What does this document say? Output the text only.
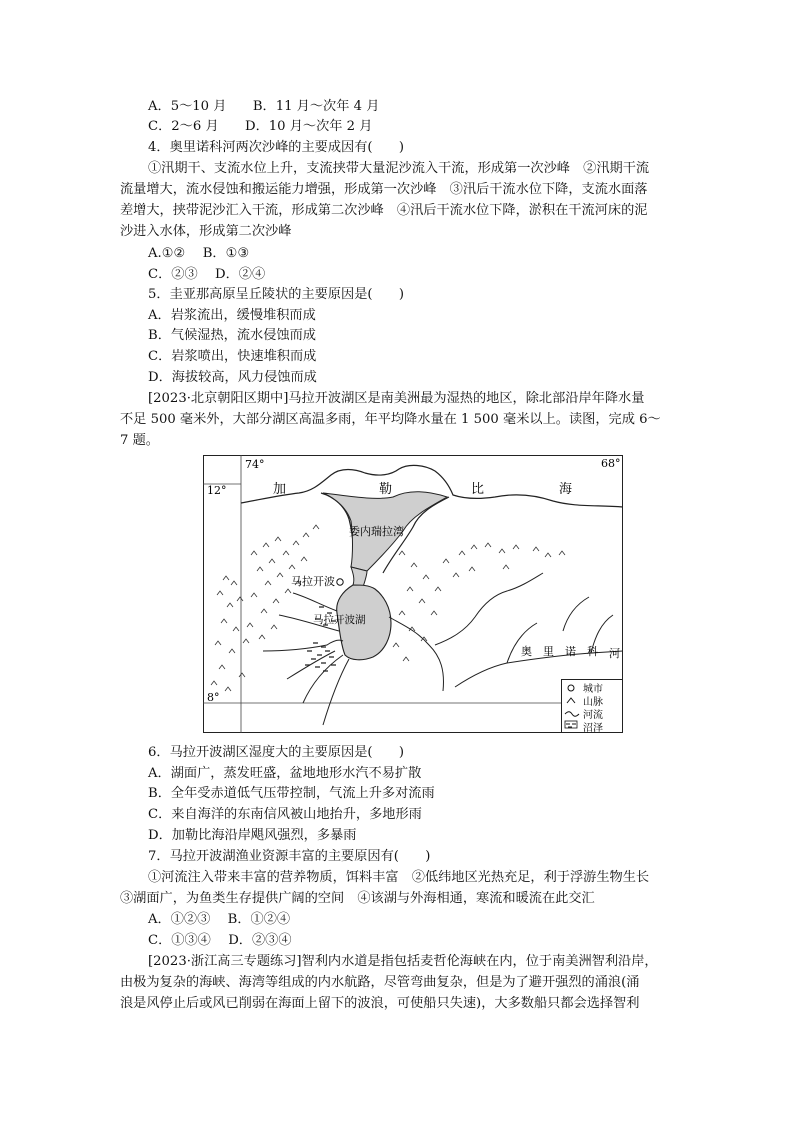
A．5～10 月　　B．11 月～次年 4 月
C．2～6 月　　D．10 月～次年 2 月
4．奥里诺科河两次沙峰的主要成因有(　　)
①汛期干、支流水位上升，支流挟带大量泥沙流入干流，形成第一次沙峰　②汛期干流
流量增大，流水侵蚀和搬运能力增强，形成第一次沙峰　③汛后干流水位下降，支流水面落
差增大，挟带泥沙汇入干流，形成第二次沙峰　④汛后干流水位下降，淤积在干流河床的泥
沙进入水体，形成第二次沙峰
A.①②　 B．①③
C．②③　 D．②④
5．圭亚那高原呈丘陵状的主要原因是(　　)
A．岩浆流出，缓慢堆积而成
B．气候湿热，流水侵蚀而成
C．岩浆喷出，快速堆积而成
D．海拔较高，风力侵蚀而成
[2023·北京朝阳区期中]马拉开波湖区是南美洲最为湿热的地区，除北部沿岸年降水量
不足 500 毫米外，大部分湖区高温多雨，年平均降水量在 1 500 毫米以上。读图，完成 6～
7 题。
74°	68°
12°
8°
加	勒	比	海
委内瑞拉湾
马拉开波
马拉开波湖
奥 里 诺 科 河
城市
山脉
河流
沼泽
6．马拉开波湖区湿度大的主要原因是(　　)
A．湖面广，蒸发旺盛，盆地地形水汽不易扩散
B．全年受赤道低气压带控制，气流上升多对流雨
C．来自海洋的东南信风被山地抬升，多地形雨
D．加勒比海沿岸飓风强烈，多暴雨
7．马拉开波湖渔业资源丰富的主要原因有(　　)
①河流注入带来丰富的营养物质，饵料丰富　②低纬地区光热充足，利于浮游生物生长
③湖面广，为鱼类生存提供广阔的空间　④该湖与外海相通，寒流和暖流在此交汇
A．①②③　 B．①②④
C．①③④　 D．②③④
[2023·浙江高三专题练习]智利内水道是指包括麦哲伦海峡在内，位于南美洲智利沿岸，
由极为复杂的海峡、海湾等组成的内水航路，尽管弯曲复杂，但是为了避开强烈的涌浪(涌
浪是风停止后或风已削弱在海面上留下的波浪，可使船只失速)，大多数船只都会选择智利
